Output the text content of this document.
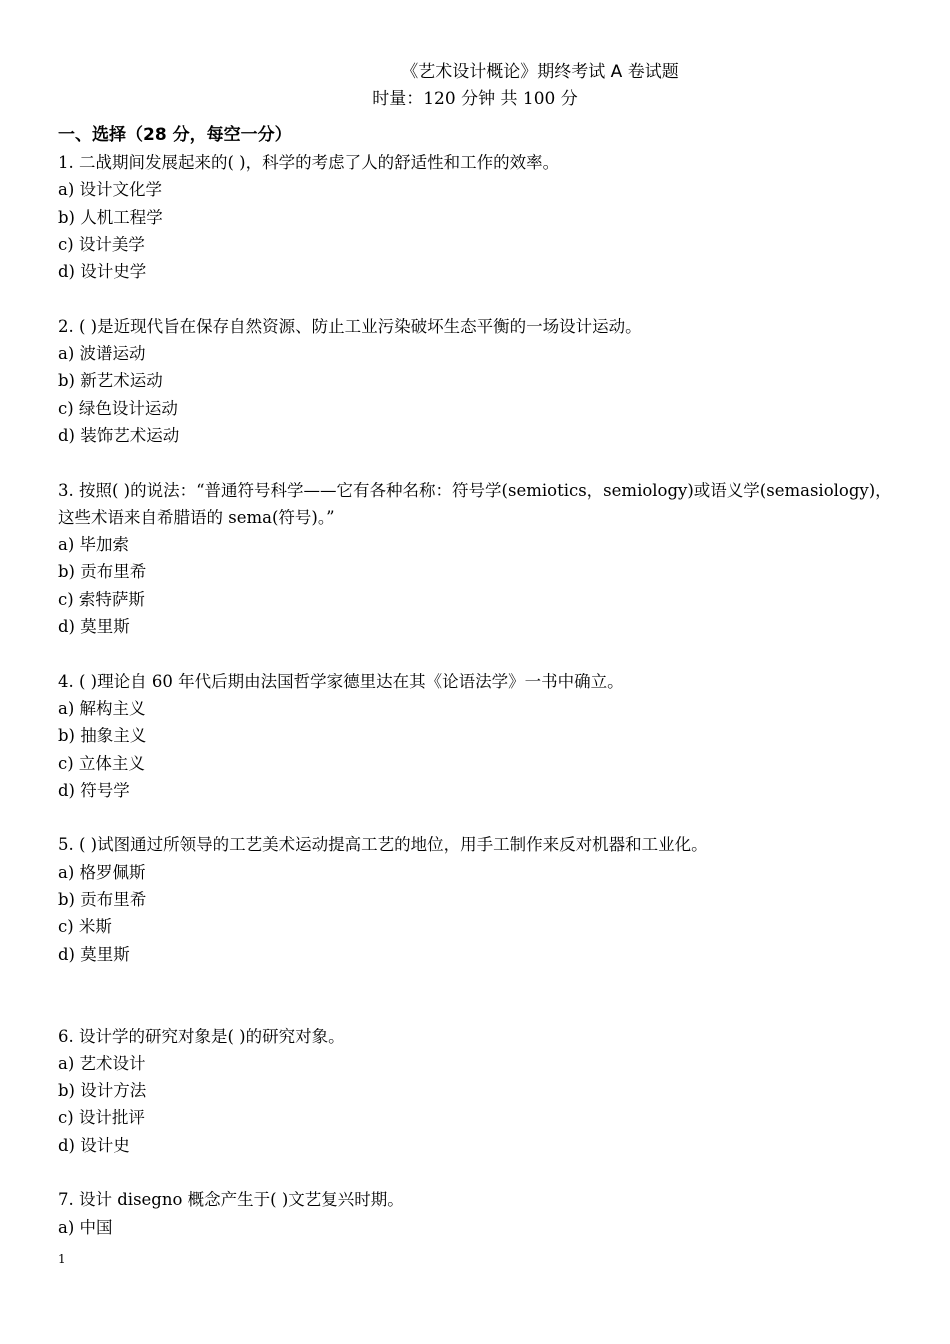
《艺术设计概论》期终考试 A 卷试题
时量：120 分钟 共 100 分
一、选择（28 分，每空一分）
1. 二战期间发展起来的( )，科学的考虑了人的舒适性和工作的效率。
a) 设计文化学
b) 人机工程学
c) 设计美学
d) 设计史学
2. ( )是近现代旨在保存自然资源、防止工业污染破坏生态平衡的一场设计运动。
a) 波谱运动
b) 新艺术运动
c) 绿色设计运动
d) 装饰艺术运动
3. 按照( )的说法：“普通符号科学——它有各种名称：符号学(semiotics，semiology)或语义学(semasiology)，这些术语来自希腊语的 sema(符号)。”
a) 毕加索
b) 贡布里希
c) 索特萨斯
d) 莫里斯
4. ( )理论自 60 年代后期由法国哲学家德里达在其《论语法学》一书中确立。
a) 解构主义
b) 抽象主义
c) 立体主义
d) 符号学
5. ( )试图通过所领导的工艺美术运动提高工艺的地位，用手工制作来反对机器和工业化。
a) 格罗佩斯
b) 贡布里希
c) 米斯
d) 莫里斯
6. 设计学的研究对象是( )的研究对象。
a) 艺术设计
b) 设计方法
c) 设计批评
d) 设计史
7. 设计 disegno 概念产生于( )文艺复兴时期。
a) 中国
1
